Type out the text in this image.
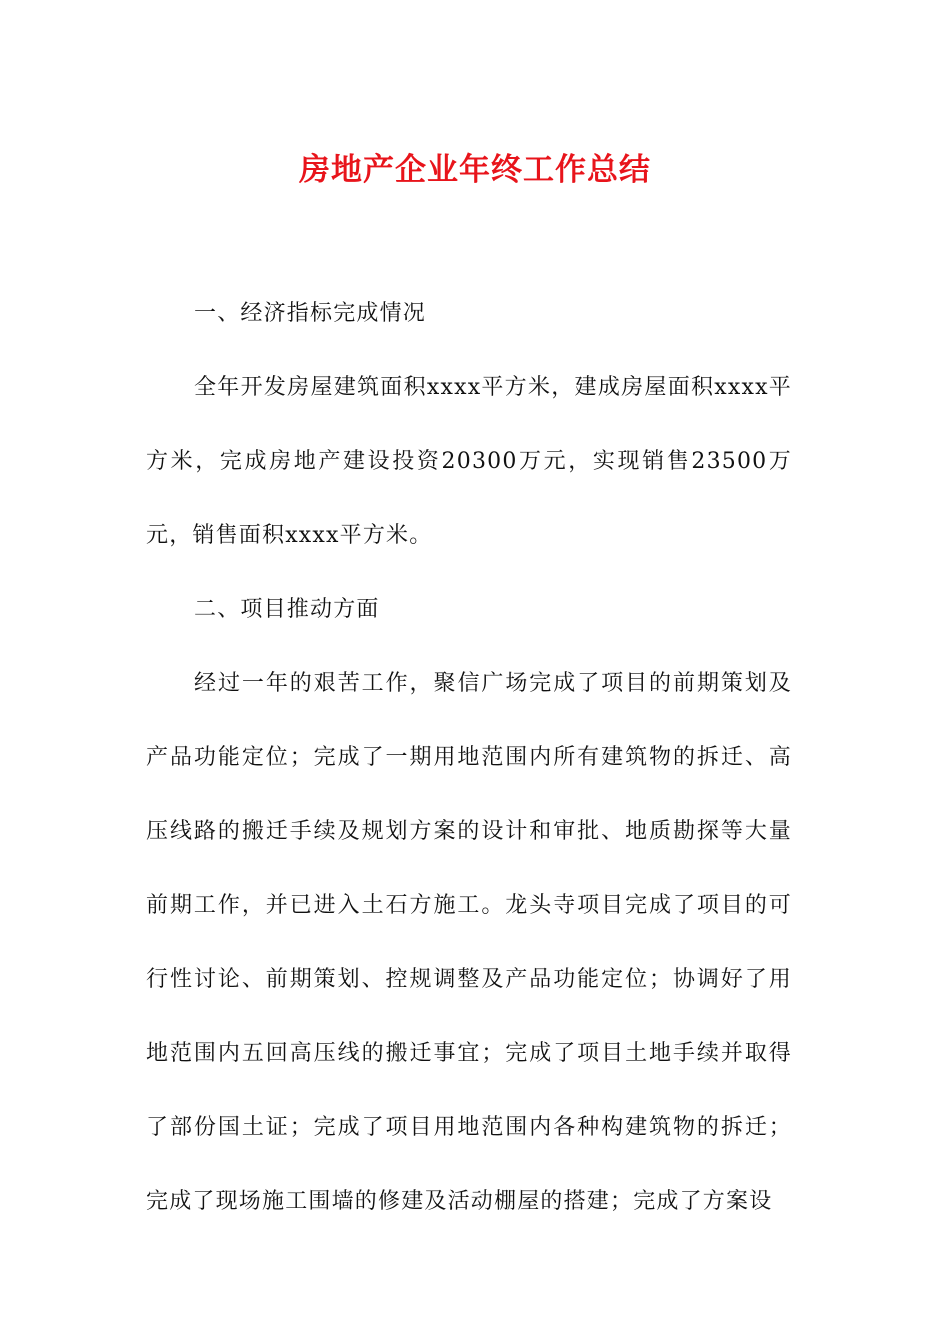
房地产企业年终工作总结

一、经济指标完成情况

全年开发房屋建筑面积xxxx平方米，建成房屋面积xxxx平方米，完成房地产建设投资20300万元，实现销售23500万元，销售面积xxxx平方米。

二、项目推动方面

经过一年的艰苦工作，聚信广场完成了项目的前期策划及产品功能定位；完成了一期用地范围内所有建筑物的拆迁、高压线路的搬迁手续及规划方案的设计和审批、地质勘探等大量前期工作，并已进入土石方施工。龙头寺项目完成了项目的可行性讨论、前期策划、控规调整及产品功能定位；协调好了用地范围内五回高压线的搬迁事宜；完成了项目土地手续并取得了部份国土证；完成了项目用地范围内各种构建筑物的拆迁；完成了现场施工围墙的修建及活动棚屋的搭建；完成了方案设
